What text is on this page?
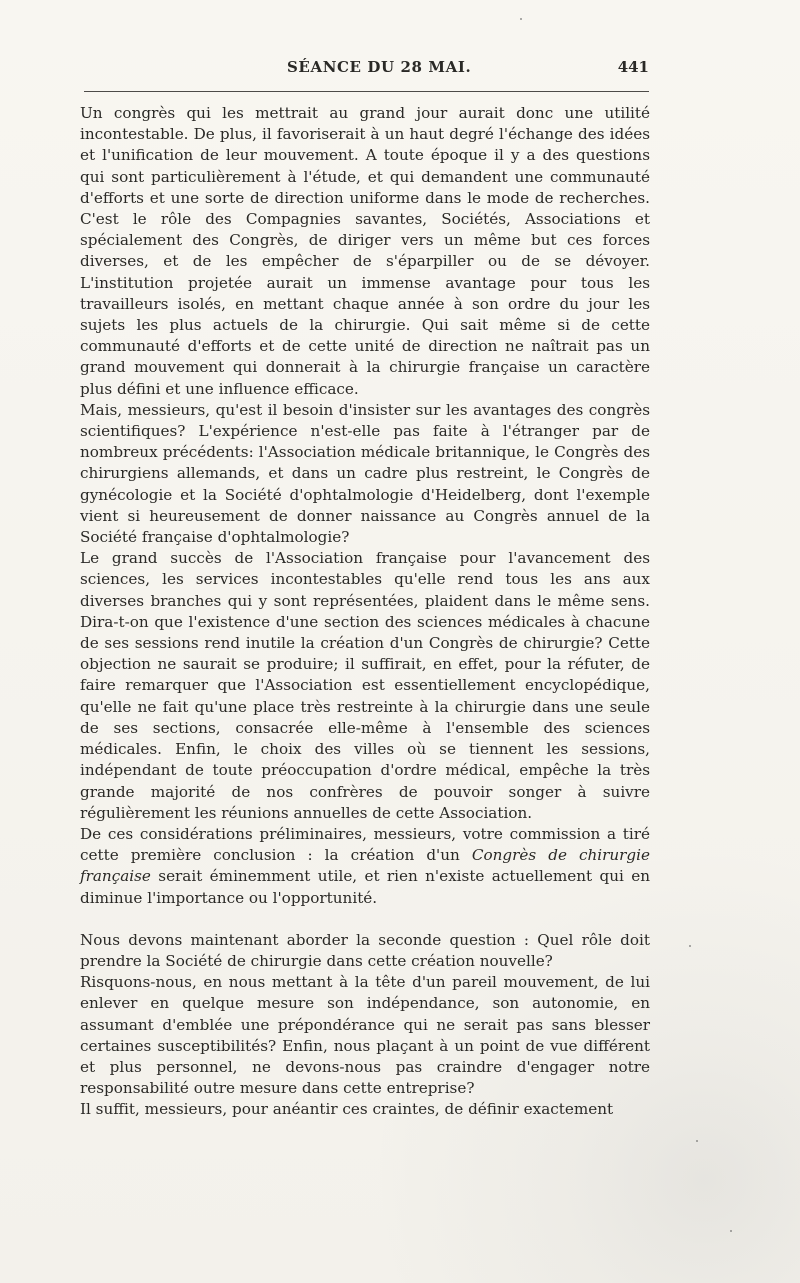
SÉANCE DU 28 MAI.	441

Un congrès qui les mettrait au grand jour aurait donc une utilité incontestable. De plus, il favoriserait à un haut degré l'échange des idées et l'unification de leur mouvement. A toute époque il y a des questions qui sont particulièrement à l'étude, et qui demandent une communauté d'efforts et une sorte de direction uniforme dans le mode de recherches. C'est le rôle des Compagnies savantes, Sociétés, Associations et spécialement des Congrès, de diriger vers un même but ces forces diverses, et de les empêcher de s'éparpiller ou de se dévoyer. L'institution projetée aurait un immense avantage pour tous les travailleurs isolés, en mettant chaque année à son ordre du jour les sujets les plus actuels de la chirurgie. Qui sait même si de cette communauté d'efforts et de cette unité de direction ne naîtrait pas un grand mouvement qui donnerait à la chirurgie française un caractère plus défini et une influence efficace.

Mais, messieurs, qu'est il besoin d'insister sur les avantages des congrès scientifiques? L'expérience n'est-elle pas faite à l'étranger par de nombreux précédents: l'Association médicale britannique, le Congrès des chirurgiens allemands, et dans un cadre plus restreint, le Congrès de gynécologie et la Société d'ophtalmologie d'Heidelberg, dont l'exemple vient si heureusement de donner naissance au Congrès annuel de la Société française d'ophtalmologie?

Le grand succès de l'Association française pour l'avancement des sciences, les services incontestables qu'elle rend tous les ans aux diverses branches qui y sont représentées, plaident dans le même sens. Dira-t-on que l'existence d'une section des sciences médicales à chacune de ses sessions rend inutile la création d'un Congrès de chirurgie? Cette objection ne saurait se produire; il suffirait, en effet, pour la réfuter, de faire remarquer que l'Association est essentiellement encyclopédique, qu'elle ne fait qu'une place très restreinte à la chirurgie dans une seule de ses sections, consacrée elle-même à l'ensemble des sciences médicales. Enfin, le choix des villes où se tiennent les sessions, indépendant de toute préoccupation d'ordre médical, empêche la très grande majorité de nos confrères de pouvoir songer à suivre régulièrement les réunions annuelles de cette Association.

De ces considérations préliminaires, messieurs, votre commission a tiré cette première conclusion : la création d'un Congrès de chirurgie française serait éminemment utile, et rien n'existe actuellement qui en diminue l'importance ou l'opportunité.

Nous devons maintenant aborder la seconde question : Quel rôle doit prendre la Société de chirurgie dans cette création nouvelle?

Risquons-nous, en nous mettant à la tête d'un pareil mouvement, de lui enlever en quelque mesure son indépendance, son autonomie, en assumant d'emblée une prépondérance qui ne serait pas sans blesser certaines susceptibilités? Enfin, nous plaçant à un point de vue différent et plus personnel, ne devons-nous pas craindre d'engager notre responsabilité outre mesure dans cette entreprise?

Il suffit, messieurs, pour anéantir ces craintes, de définir exactement
